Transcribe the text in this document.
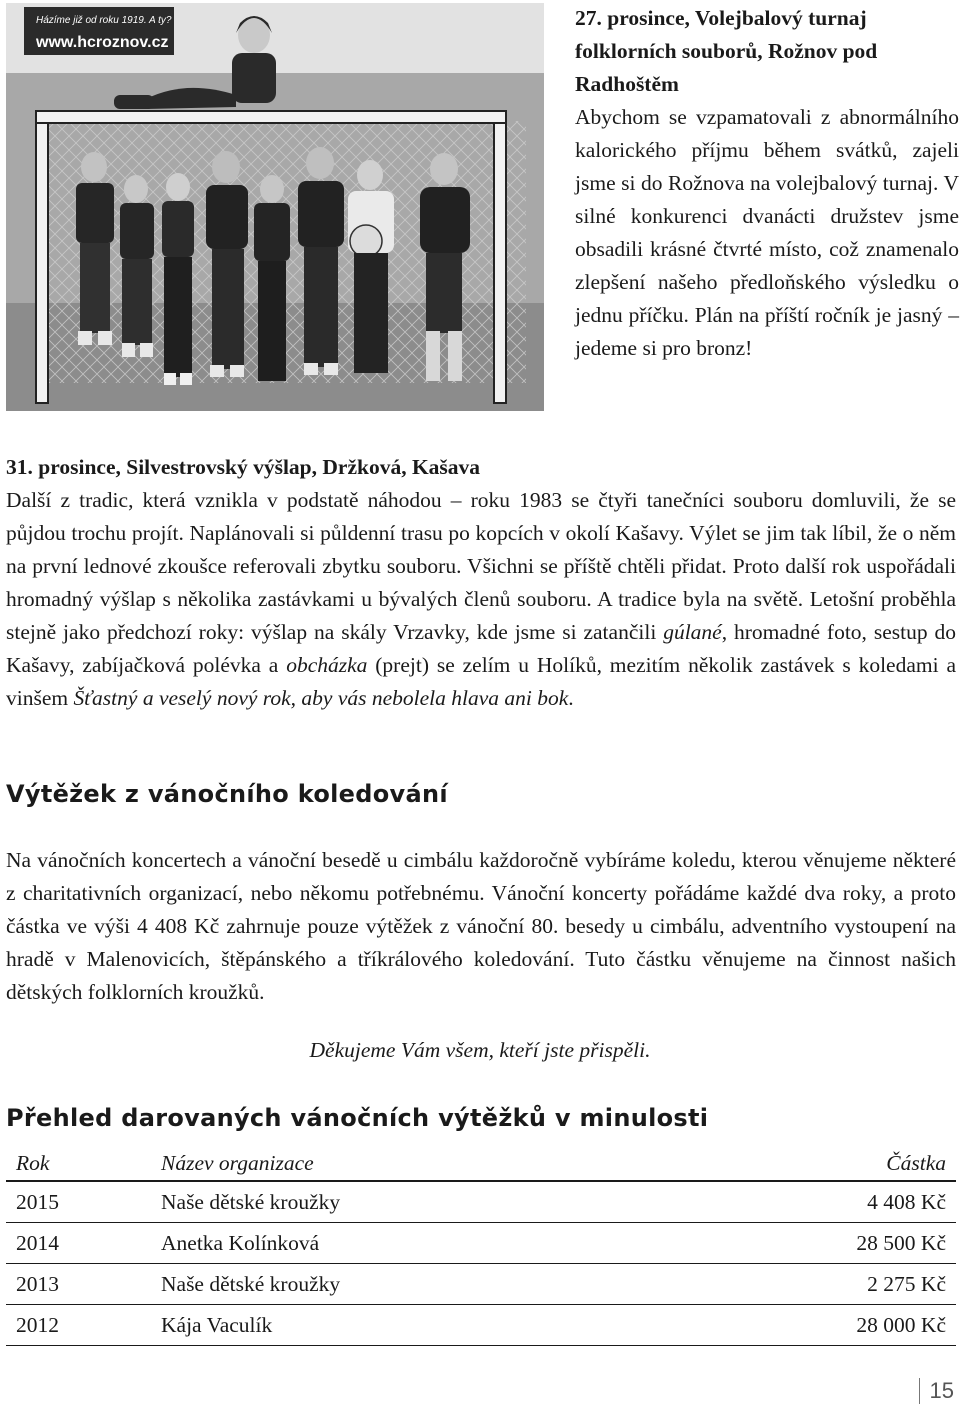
Házíme již od roku 1919. A ty?
www.hcroznov.cz
27. prosince, Volejbalový turnaj folklorních souborů, Rožnov pod Radhoštěm
Abychom se vzpamatovali z abnormálního kalorického příjmu během svátků, zajeli jsme si do Rožnova na volejbalový turnaj. V silné konkurenci dvanácti družstev jsme obsadili krásné čtvrté místo, což znamenalo zlepšení našeho předloňského výsledku o jednu příčku. Plán na příští ročník je jasný – jedeme si pro bronz!
31. prosince, Silvestrovský výšlap, Držková, Kašava
Další z tradic, která vznikla v podstatě náhodou – roku 1983 se čtyři tanečníci souboru domluvili, že se půjdou trochu projít. Naplánovali si půldenní trasu po kopcích v okolí Kašavy. Výlet se jim tak líbil, že o něm na první lednové zkoušce referovali zbytku souboru. Všichni se příště chtěli přidat. Proto další rok uspořádali hromadný výšlap s několika zastávkami u bývalých členů souboru. A tradice byla na světě. Letošní proběhla stejně jako předchozí roky: výšlap na skály Vrzavky, kde jsme si zatančili gúlané, hromadné foto, sestup do Kašavy, zabíjačková polévka a obcházka (prejt) se zelím u Holíků, mezitím několik zastávek s koledami a vinšem Šťastný a veselý nový rok, aby vás nebolela hlava ani bok.
Výtěžek z vánočního koledování
Na vánočních koncertech a vánoční besedě u cimbálu každoročně vybíráme koledu, kterou věnujeme některé z charitativních organizací, nebo někomu potřebnému. Vánoční koncerty pořádáme každé dva roky, a proto částka ve výši 4 408 Kč zahrnuje pouze výtěžek z vánoční 80. besedy u cimbálu, adventního vystoupení na hradě v Malenovicích, štěpánského a tříkrálového koledování. Tuto částku věnujeme na činnost našich dětských folklorních kroužků.
Děkujeme Vám všem, kteří jste přispěli.
Přehled darovaných vánočních výtěžků v minulosti
Rok	Název organizace	Částka
2015	Naše dětské kroužky	4 408 Kč
2014	Anetka Kolínková	28 500 Kč
2013	Naše dětské kroužky	2 275 Kč
2012	Kája Vaculík	28 000 Kč
15
